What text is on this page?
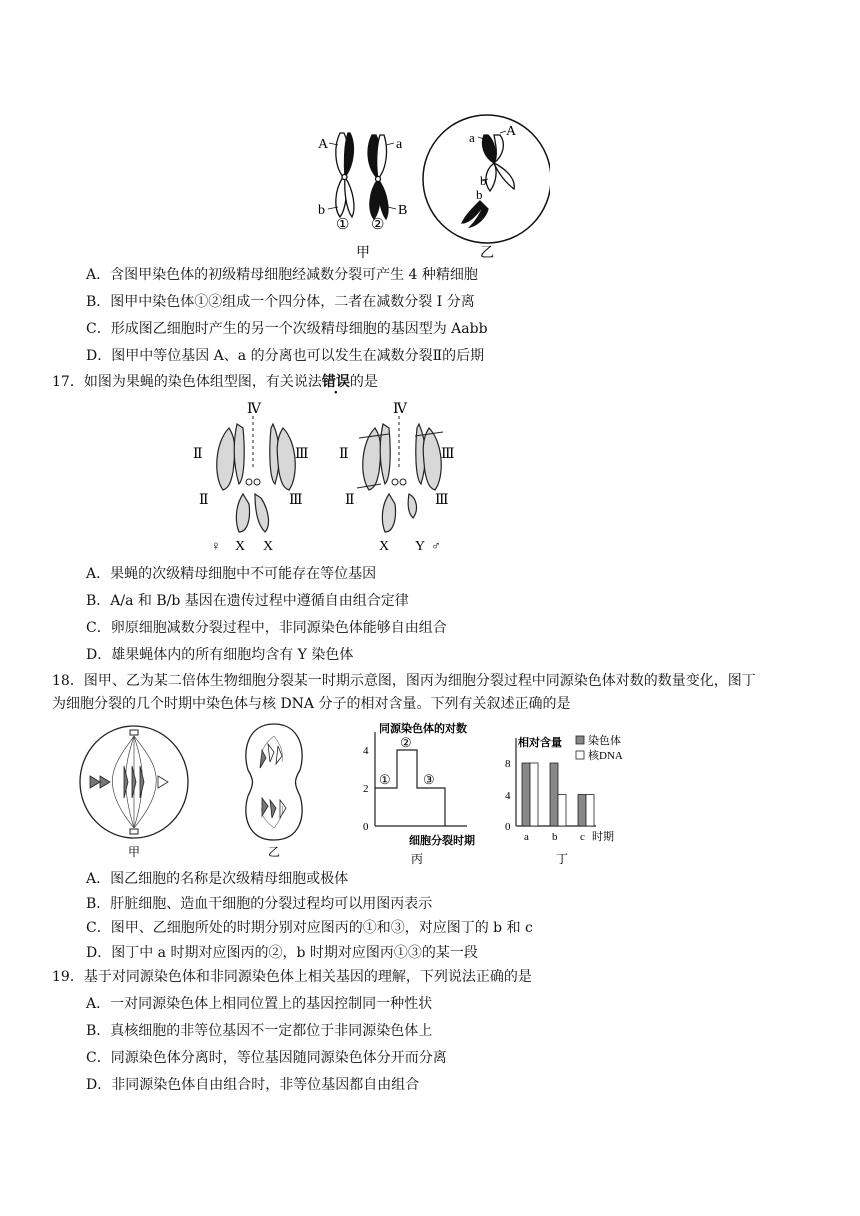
A	a
b	B
① ②
甲
a A
b
b
乙
A．含图甲染色体的初级精母细胞经减数分裂可产生 4 种精细胞
B．图甲中染色体①②组成一个四分体，二者在减数分裂 I 分离
C．形成图乙细胞时产生的另一个次级精母细胞的基因型为 Aabb
D．图甲中等位基因 A、a 的分离也可以发生在减数分裂Ⅱ的后期
17．如图为果蝇的染色体组型图，有关说法错误的是
Ⅳ
Ⅱ	Ⅲ
Ⅱ	Ⅲ
♀ X X
Ⅳ
Ⅱ	Ⅲ
Ⅱ	Ⅲ
X Y ♂
A．果蝇的次级精母细胞中不可能存在等位基因
B．A/a 和 B/b 基因在遗传过程中遵循自由组合定律
C．卵原细胞减数分裂过程中，非同源染色体能够自由组合
D．雄果蝇体内的所有细胞均含有 Y 染色体
18．图甲、乙为某二倍体生物细胞分裂某一时期示意图，图丙为细胞分裂过程中同源染色体对数的数量变化，图丁
为细胞分裂的几个时期中染色体与核 DNA 分子的相对含量。下列有关叙述正确的是
甲	乙
同源染色体的对数
4
2
0
①
②
③
细胞分裂时期
丙
相对含量
8
4
0
染色体
核DNA
a b c 时期
丁
A．图乙细胞的名称是次级精母细胞或极体
B．肝脏细胞、造血干细胞的分裂过程均可以用图丙表示
C．图甲、乙细胞所处的时期分别对应图丙的①和③，对应图丁的 b 和 c
D．图丁中 a 时期对应图丙的②，b 时期对应图丙①③的某一段
19．基于对同源染色体和非同源染色体上相关基因的理解，下列说法正确的是
A．一对同源染色体上相同位置上的基因控制同一种性状
B．真核细胞的非等位基因不一定都位于非同源染色体上
C．同源染色体分离时，等位基因随同源染色体分开而分离
D．非同源染色体自由组合时，非等位基因都自由组合
